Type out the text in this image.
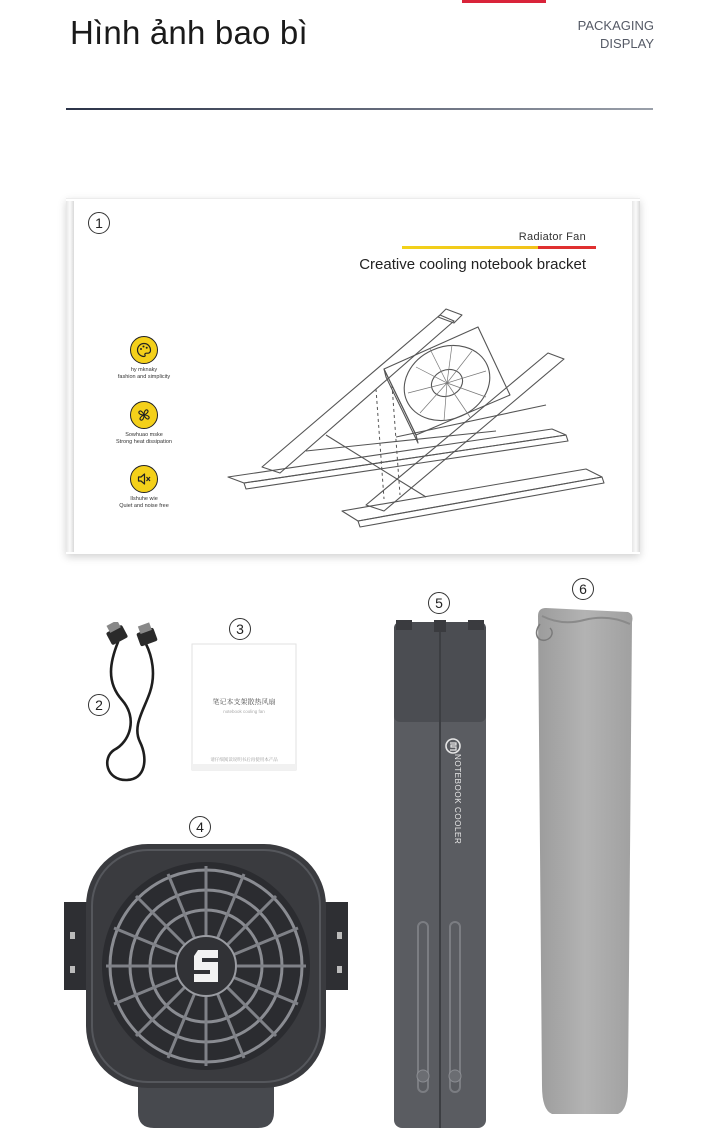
Hình ảnh bao bì	PACKAGING
DISPLAY
1
Radiator Fan
Creative cooling notebook bracket
hy mknaky
fashion and simplicity
Sowhuao mske
Strong heat dissipation
Ilshuhe wie
Quiet and noise free
2
3
笔记本支架散热风扇
notebook cooling fan
请仔细阅读说明书后再使用本产品
4
5
NOTEBOOK COOLER
6
